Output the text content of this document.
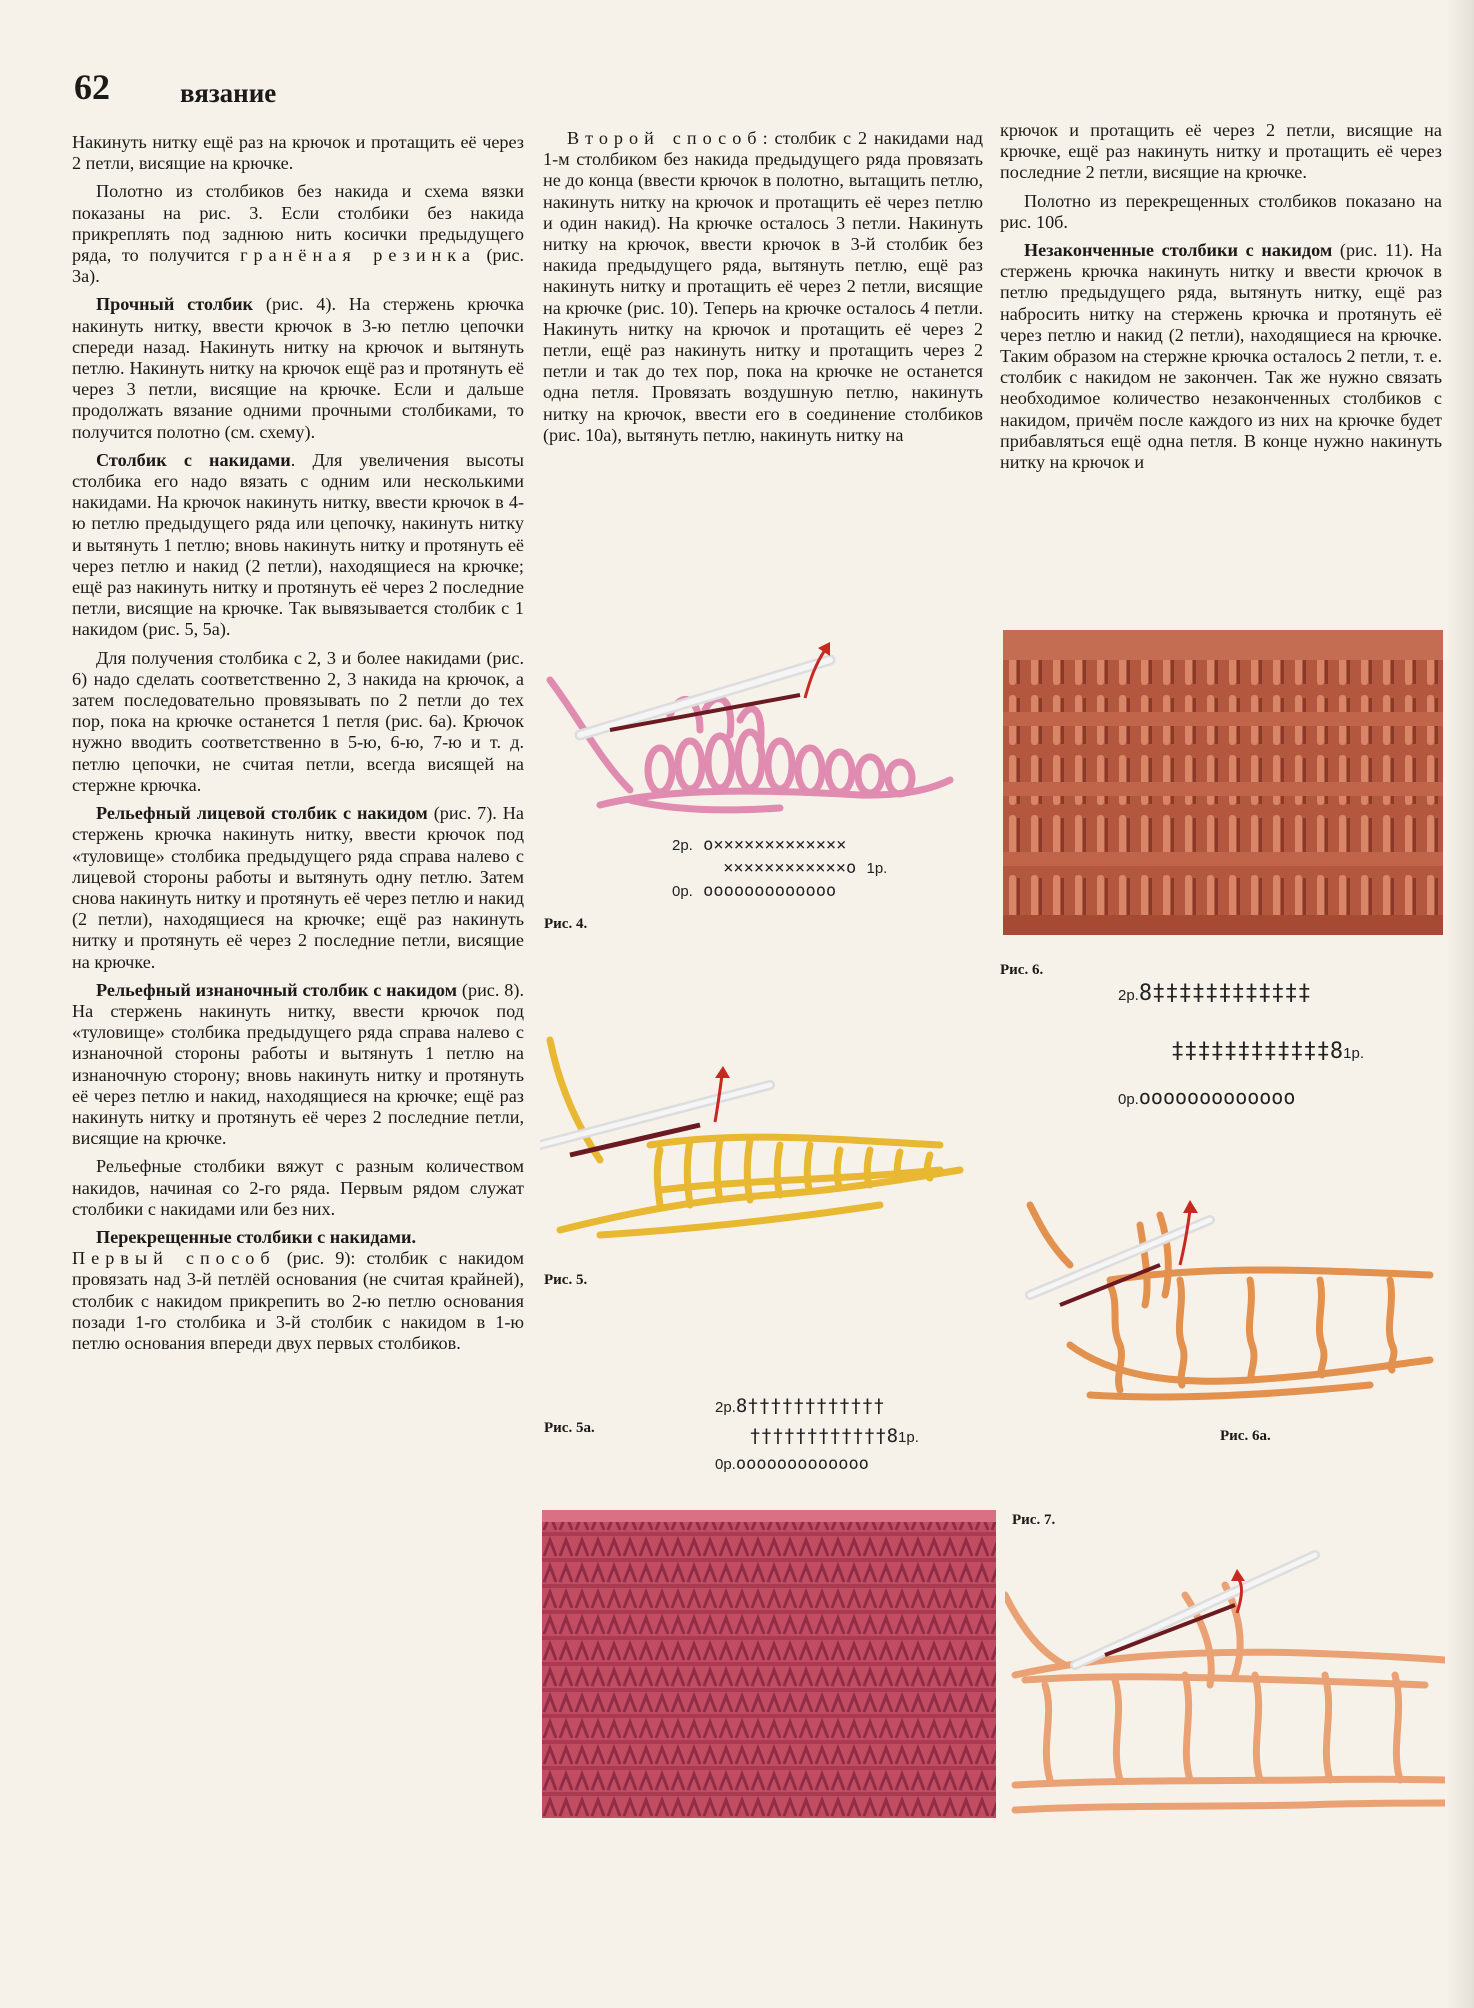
62	вязание

Накинуть нитку ещё раз на крючок и протащить её через 2 петли, висящие на крючке.

Полотно из столбиков без накида и схема вязки показаны на рис. 3. Если столбики без накида прикреплять под заднюю нить косички предыдущего ряда, то получится гранёная резинка (рис. 3а).

Прочный столбик (рис. 4). На стержень крючка накинуть нитку, ввести крючок в 3-ю петлю цепочки спереди назад. Накинуть нитку на крючок и вытянуть петлю. Накинуть нитку на крючок ещё раз и протянуть её через 3 петли, висящие на крючке. Если и дальше продолжать вязание одними прочными столбиками, то получится полотно (см. схему).

Столбик с накидами. Для увеличения высоты столбика его надо вязать с одним или несколькими накидами. На крючок накинуть нитку, ввести крючок в 4-ю петлю предыдущего ряда или цепочку, накинуть нитку и вытянуть 1 петлю; вновь накинуть нитку и протянуть её через петлю и накид (2 петли), находящиеся на крючке; ещё раз накинуть нитку и протянуть её через 2 последние петли, висящие на крючке. Так вывязывается столбик с 1 накидом (рис. 5, 5а).

Для получения столбика с 2, 3 и более накидами (рис. 6) надо сделать соответственно 2, 3 накида на крючок, а затем последовательно провязывать по 2 петли до тех пор, пока на крючке останется 1 петля (рис. 6а). Крючок нужно вводить соответственно в 5-ю, 6-ю, 7-ю и т. д. петлю цепочки, не считая петли, всегда висящей на стержне крючка.

Рельефный лицевой столбик с накидом (рис. 7). На стержень крючка накинуть нитку, ввести крючок под «туловище» столбика предыдущего ряда справа налево с лицевой стороны работы и вытянуть одну петлю. Затем снова накинуть нитку и протянуть её через петлю и накид (2 петли), находящиеся на крючке; ещё раз накинуть нитку и протянуть её через 2 последние петли, висящие на крючке.

Рельефный изнаночный столбик с накидом (рис. 8). На стержень накинуть нитку, ввести крючок под «туловище» столбика предыдущего ряда справа налево с изнаночной стороны работы и вытянуть 1 петлю на изнаночную сторону; вновь накинуть нитку и протянуть её через петлю и накид, находящиеся на крючке; ещё раз накинуть нитку и протянуть её через 2 последние петли, висящие на крючке.

Рельефные столбики вяжут с разным количеством накидов, начиная со 2-го ряда. Первым рядом служат столбики с накидами или без них.

Перекрещенные столбики с накидами.
Первый способ (рис. 9): столбик с накидом провязать над 3-й петлёй основания (не считая крайней), столбик с накидом прикрепить во 2-ю петлю основания позади 1-го столбика и 3-й столбик с накидом в 1-ю петлю основания впереди двух первых столбиков.

Второй способ: столбик с 2 накидами над 1-м столбиком без накида предыдущего ряда провязать не до конца (ввести крючок в полотно, вытащить петлю, накинуть нитку на крючок и протащить её через петлю и один накид). На крючке осталось 3 петли. Накинуть нитку на крючок, ввести крючок в 3-й столбик без накида предыдущего ряда, вытянуть петлю, ещё раз накинуть нитку и протащить её через 2 петли, висящие на крючке (рис. 10). Теперь на крючке осталось 4 петли. Накинуть нитку на крючок и протащить её через 2 петли, ещё раз накинуть нитку и протащить через 2 петли и так до тех пор, пока на крючке не останется одна петля. Провязать воздушную петлю, накинуть нитку на крючок, ввести его в соединение столбиков (рис. 10а), вытянуть петлю, накинуть нитку на

крючок и протащить её через 2 петли, висящие на крючке, ещё раз накинуть нитку и протащить её через последние 2 петли, висящие на крючке.

Полотно из перекрещенных столбиков показано на рис. 10б.

Незаконченные столбики с накидом (рис. 11). На стержень крючка накинуть нитку и ввести крючок в петлю предыдущего ряда, вытянуть нитку, ещё раз набросить нитку на стержень крючка и протянуть её через петлю и накид (2 петли), находящиеся на крючке. Таким образом на стержне крючка осталось 2 петли, т. е. столбик с накидом не закончен. Так же нужно связать необходимое количество незаконченных столбиков с накидом, причём после каждого из них на крючке будет прибавляться ещё одна петля. В конце нужно накинуть нитку на крючок и

2р. о×××××××××××××
××××××××××××о 1р.
0р. ооооооооооооо
Рис. 4.
Рис. 6.
2р.8‡‡‡‡‡‡‡‡‡‡‡‡
‡‡‡‡‡‡‡‡‡‡‡‡81р.
0р.ооооооооооооо
Рис. 5.
2р.8††††††††††††
††††††††††††81р.
0р.ооооооооооооо
Рис. 5а.	Рис. 6а.
Рис. 7.
